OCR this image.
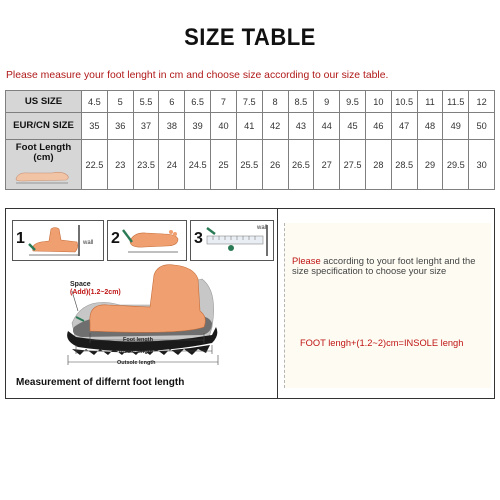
SIZE TABLE
Please measure your foot lenght in cm and choose size according to our size table.
US SIZE	4.5	5	5.5	6	6.5	7	7.5	8	8.5	9	9.5	10	10.5	11	11.5	12
EUR/CN SIZE	35	36	37	38	39	40	41	42	43	44	45	46	47	48	49	50

Foot Length (cm)	22.5	23	23.5	24	24.5	25	25.5	26	26.5	27	27.5	28	28.5	29	29.5	30
1	wall 2	3
wall
Space
(Add)(1.2~2cm)
Foot length
Insole length
Outsole length
Measurement of differnt foot length
Please according to your foot lenght and the size specification to choose your size
FOOT lengh+(1.2~2)cm=INSOLE lengh
